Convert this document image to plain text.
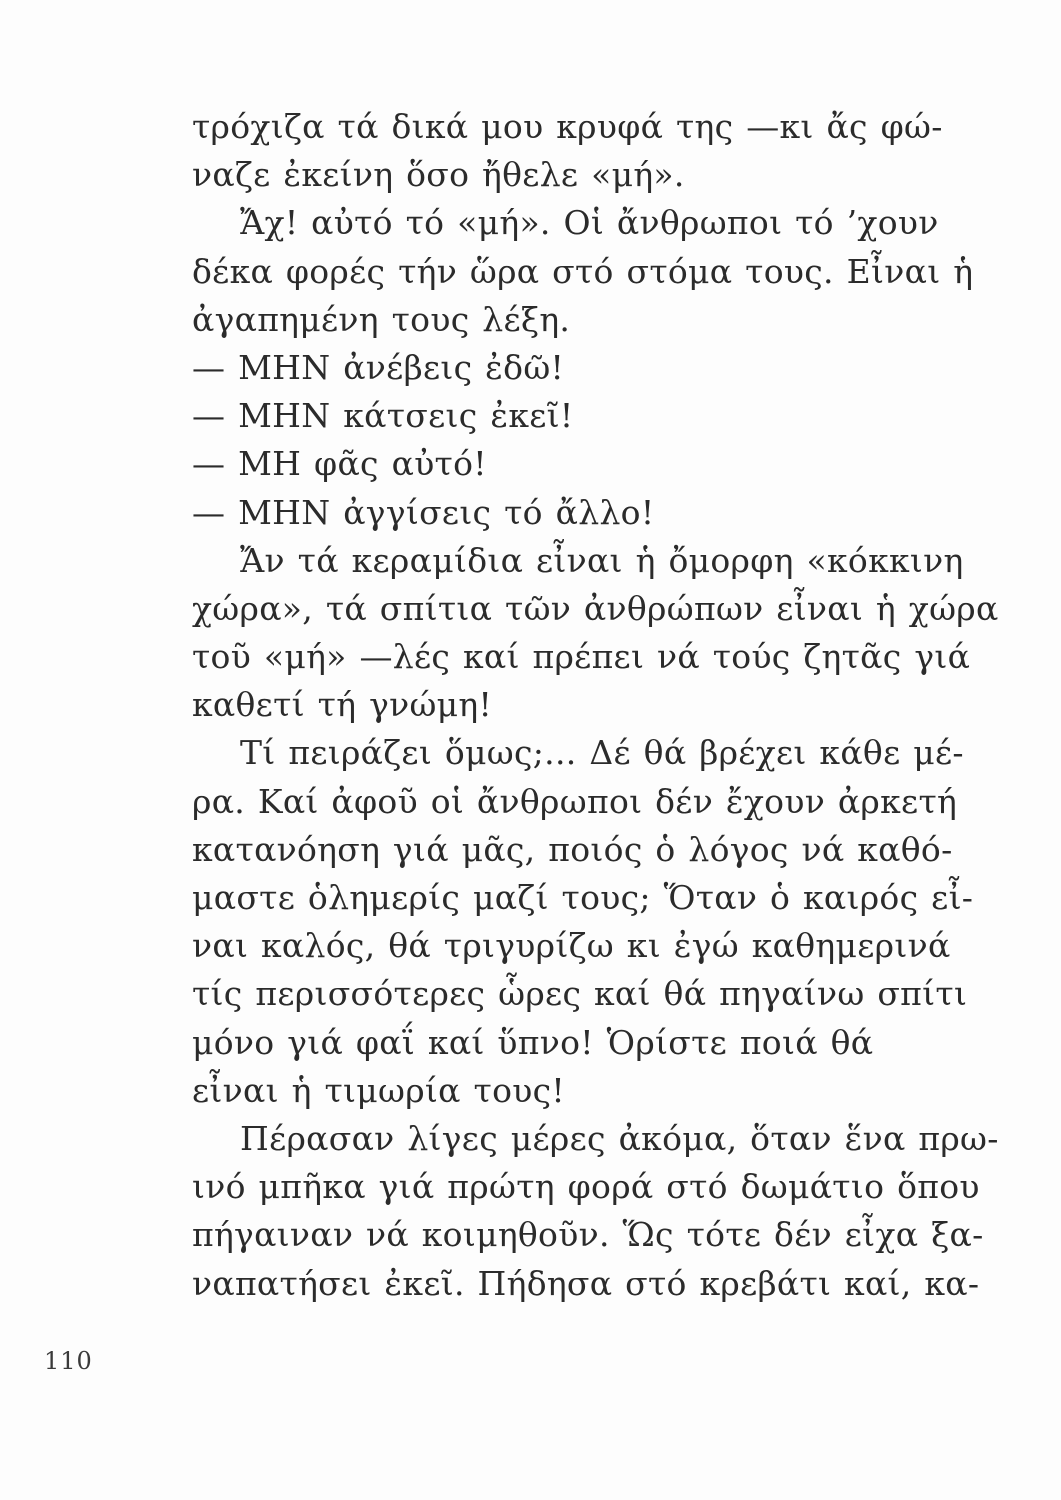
τρόχιζα τά δικά μου κρυφά της —κι ἄς φώ-
ναζε ἐκείνη ὅσο ἤθελε «μή».
Ἄχ! αὐτό τό «μή». Οἱ ἄνθρωποι τό ’χουν
δέκα φορές τήν ὥρα στό στόμα τους. Εἶναι ἡ
ἀγαπημένη τους λέξη.
— ΜΗΝ ἀνέβεις ἐδῶ!
— ΜΗΝ κάτσεις ἐκεῖ!
— ΜΗ φᾶς αὐτό!
— ΜΗΝ ἀγγίσεις τό ἄλλο!
Ἄν τά κεραμίδια εἶναι ἡ ὄμορφη «κόκκινη
χώρα», τά σπίτια τῶν ἀνθρώπων εἶναι ἡ χώρα
τοῦ «μή» —λές καί πρέπει νά τούς ζητᾶς γιά
καθετί τή γνώμη!
Τί πειράζει ὅμως;... Δέ θά βρέχει κάθε μέ-
ρα. Καί ἀφοῦ οἱ ἄνθρωποι δέν ἔχουν ἀρκετή
κατανόηση γιά μᾶς, ποιός ὁ λόγος νά καθό-
μαστε ὁλημερίς μαζί τους; Ὅταν ὁ καιρός εἶ-
ναι καλός, θά τριγυρίζω κι ἐγώ καθημερινά
τίς περισσότερες ὧρες καί θά πηγαίνω σπίτι
μόνο γιά φαΐ καί ὕπνο! Ὁρίστε ποιά θά
εἶναι ἡ τιμωρία τους!
Πέρασαν λίγες μέρες ἀκόμα, ὅταν ἕνα πρω-
ινό μπῆκα γιά πρώτη φορά στό δωμάτιο ὅπου
πήγαιναν νά κοιμηθοῦν. Ὥς τότε δέν εἶχα ξα-
ναπατήσει ἐκεῖ. Πήδησα στό κρεβάτι καί, κα-
110
